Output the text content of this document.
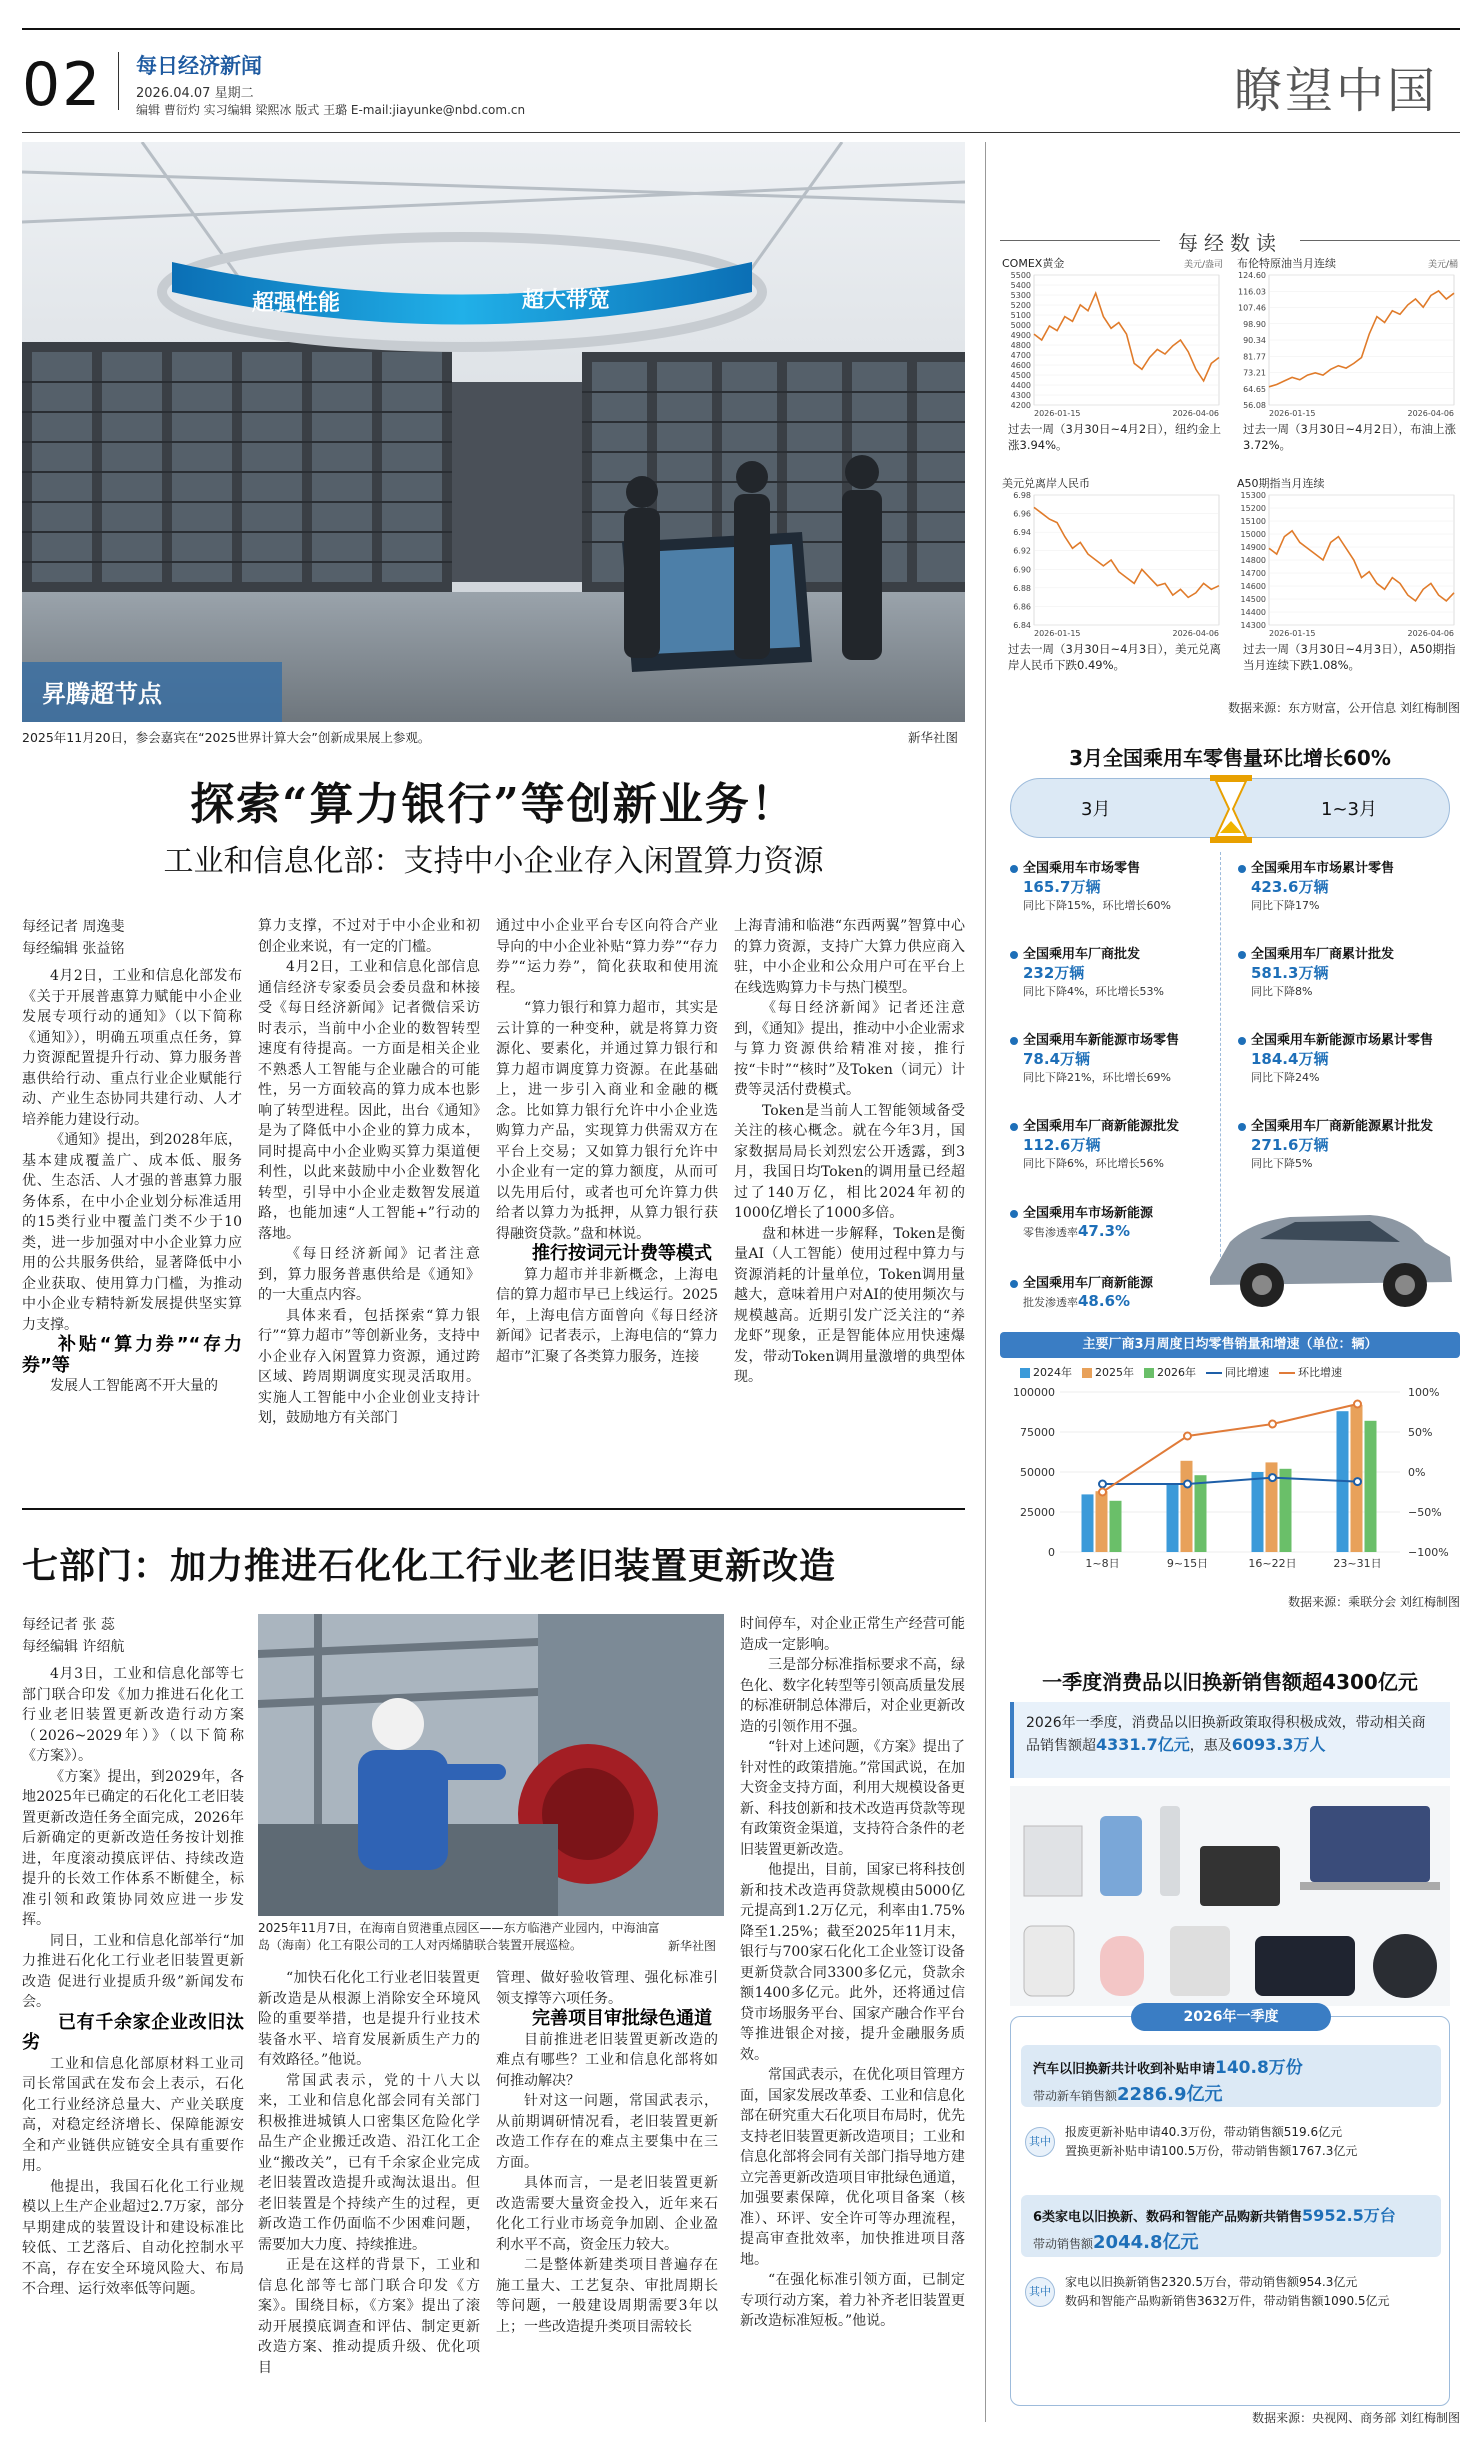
02 每日经济新闻
2026.04.07 星期二
编辑 曹衍灼 实习编辑 梁熙冰 版式 王璐 E-mail:jiayunke@nbd.com.cn	瞭望中国
超强性能	超大带宽
昇腾超节点
2025年11月20日，参会嘉宾在“2025世界计算大会”创新成果展上参观。	新华社图
探索“算力银行”等创新业务！
工业和信息化部：支持中小企业存入闲置算力资源
每经记者 周逸斐
每经编辑 张益铭

4月2日，工业和信息化部发布《关于开展普惠算力赋能中小企业发展专项行动的通知》（以下简称《通知》），明确五项重点任务，算力资源配置提升行动、算力服务普惠供给行动、重点行业企业赋能行动、产业生态协同共建行动、人才培养能力建设行动。

《通知》提出，到2028年底，基本建成覆盖广、成本低、服务优、生态活、人才强的普惠算力服务体系，在中小企业划分标准适用的15类行业中覆盖门类不少于10类，进一步加强对中小企业算力应用的公共服务供给，显著降低中小企业获取、使用算力门槛，为推动中小企业专精特新发展提供坚实算力支撑。

补贴“算力券”“存力券”等

发展人工智能离不开大量的

算力支撑，不过对于中小企业和初创企业来说，有一定的门槛。

4月2日，工业和信息化部信息通信经济专家委员会委员盘和林接受《每日经济新闻》记者微信采访时表示，当前中小企业的数智转型速度有待提高。一方面是相关企业不熟悉人工智能与企业融合的可能性，另一方面较高的算力成本也影响了转型进程。因此，出台《通知》是为了降低中小企业的算力成本，同时提高中小企业购买算力渠道便利性，以此来鼓励中小企业数智化转型，引导中小企业走数智发展道路，也能加速“人工智能+”行动的落地。

《每日经济新闻》记者注意到，算力服务普惠供给是《通知》的一大重点内容。

具体来看，包括探索“算力银行”“算力超市”等创新业务，支持中小企业存入闲置算力资源，通过跨区域、跨周期调度实现灵活取用。实施人工智能中小企业创业支持计划，鼓励地方有关部门

通过中小企业平台专区向符合产业导向的中小企业补贴“算力券”“存力券”“运力券”，简化获取和使用流程。

“算力银行和算力超市，其实是云计算的一种变种，就是将算力资源化、要素化，并通过算力银行和算力超市调度算力资源。在此基础上，进一步引入商业和金融的概念。比如算力银行允许中小企业选购算力产品，实现算力供需双方在平台上交易；又如算力银行允许中小企业有一定的算力额度，从而可以先用后付，或者也可允许算力供给者以算力为抵押，从算力银行获得融资贷款。”盘和林说。

推行按词元计费等模式

算力超市并非新概念，上海电信的算力超市早已上线运行。2025年，上海电信方面曾向《每日经济新闻》记者表示，上海电信的“算力超市”汇聚了各类算力服务，连接

上海青浦和临港“东西两翼”智算中心的算力资源，支持广大算力供应商入驻，中小企业和公众用户可在平台上在线选购算力卡与热门模型。

《每日经济新闻》记者还注意到，《通知》提出，推动中小企业需求与算力资源供给精准对接，推行按“卡时”“核时”及Token（词元）计费等灵活付费模式。

Token是当前人工智能领域备受关注的核心概念。就在今年3月，国家数据局局长刘烈宏公开透露，到3月，我国日均Token的调用量已经超过了140万亿，相比2024年初的1000亿增长了1000多倍。

盘和林进一步解释，Token是衡量AI（人工智能）使用过程中算力与资源消耗的计量单位，Token调用量越大，意味着用户对AI的使用频次与规模越高。近期引发广泛关注的“养龙虾”现象，正是智能体应用快速爆发，带动Token调用量激增的典型体现。

七部门：加力推进石化化工行业老旧装置更新改造
每经记者 张 蕊
每经编辑 许绍航

4月3日，工业和信息化部等七部门联合印发《加力推进石化化工行业老旧装置更新改造行动方案（2026~2029年）》（以下简称《方案》）。

《方案》提出，到2029年，各地2025年已确定的石化化工老旧装置更新改造任务全面完成，2026年后新确定的更新改造任务按计划推进，年度滚动摸底评估、持续改造提升的长效工作体系不断健全，标准引领和政策协同效应进一步发挥。

同日，工业和信息化部举行“加力推进石化化工行业老旧装置更新改造 促进行业提质升级”新闻发布会。

已有千余家企业改旧汰劣

工业和信息化部原材料工业司司长常国武在发布会上表示，石化化工行业经济总量大、产业关联度高，对稳定经济增长、保障能源安全和产业链供应链安全具有重要作用。

他提出，我国石化化工行业规模以上生产企业超过2.7万家，部分早期建成的装置设计和建设标准比较低、工艺落后、自动化控制水平不高，存在安全环境风险大、布局不合理、运行效率低等问题。

2025年11月7日，在海南自贸港重点园区——东方临港产业园内，中海油富岛（海南）化工有限公司的工人对丙烯腈联合装置开展巡检。	新华社图

“加快石化化工行业老旧装置更新改造是从根源上消除安全环境风险的重要举措，也是提升行业技术装备水平、培育发展新质生产力的有效路径。”他说。

常国武表示，党的十八大以来，工业和信息化部会同有关部门积极推进城镇人口密集区危险化学品生产企业搬迁改造、沿江化工企业“搬改关”，已有千余家企业完成老旧装置改造提升或淘汰退出。但老旧装置是个持续产生的过程，更新改造工作仍面临不少困难问题，需要加大力度、持续推进。

正是在这样的背景下，工业和信息化部等七部门联合印发《方案》。围绕目标，《方案》提出了滚动开展摸底调查和评估、制定更新改造方案、推动提质升级、优化项目

管理、做好验收管理、强化标准引领支撑等六项任务。

完善项目审批绿色通道

目前推进老旧装置更新改造的难点有哪些？工业和信息化部将如何推动解决？

针对这一问题，常国武表示，从前期调研情况看，老旧装置更新改造工作存在的难点主要集中在三方面。

具体而言，一是老旧装置更新改造需要大量资金投入，近年来石化化工行业市场竞争加剧、企业盈利水平不高，资金压力较大。

二是整体新建类项目普遍存在施工量大、工艺复杂、审批周期长等问题，一般建设周期需要3年以上；一些改造提升类项目需较长

时间停车，对企业正常生产经营可能造成一定影响。

三是部分标准指标要求不高，绿色化、数字化转型等引领高质量发展的标准研制总体滞后，对企业更新改造的引领作用不强。

“针对上述问题，《方案》提出了针对性的政策措施。”常国武说，在加大资金支持方面，利用大规模设备更新、科技创新和技术改造再贷款等现有政策资金渠道，支持符合条件的老旧装置更新改造。

他提出，目前，国家已将科技创新和技术改造再贷款规模由5000亿元提高到1.2万亿元，利率由1.75%降至1.25%；截至2025年11月末，银行与700家石化化工企业签订设备更新贷款合同3300多亿元，贷款余额1400多亿元。此外，还将通过信贷市场服务平台、国家产融合作平台等推进银企对接，提升金融服务质效。

常国武表示，在优化项目管理方面，国家发展改革委、工业和信息化部在研究重大石化项目布局时，优先支持老旧装置更新改造项目；工业和信息化部将会同有关部门指导地方建立完善更新改造项目审批绿色通道，加强要素保障，优化项目备案（核准）、环评、安全许可等办理流程，提高审查批效率，加快推进项目落地。

“在强化标准引领方面，已制定专项行动方案，着力补齐老旧装置更新改造标准短板。”他说。

每经数读
COMEX黄金	美元/盎司
5500
5400
5300
5200
5100
5000
4900
4800
4700
4600
4500
4400
4300
4200
2026-01-15	2026-04-06
过去一周（3月30日~4月2日），纽约金上涨3.94%。
布伦特原油当月连续	美元/桶
124.60
116.03
107.46
98.90
90.34
81.77
73.21
64.65
56.08
2026-01-15	2026-04-06
过去一周（3月30日~4月2日），布油上涨3.72%。
美元兑离岸人民币
6.98
6.96
6.94
6.92
6.90
6.88
6.86
6.84
2026-01-15	2026-04-06
过去一周（3月30日~4月3日），美元兑离岸人民币下跌0.49%。
A50期指当月连续
15300
15200
15100
15000
14900
14800
14700
14600
14500
14400
14300
2026-01-15	2026-04-06
过去一周（3月30日~4月3日），A50期指当月连续下跌1.08%。
数据来源：东方财富，公开信息 刘红梅制图
3月全国乘用车零售量环比增长60%
3月	1~3月
全国乘用车市场零售
165.7万辆
同比下降15%，环比增长60%
全国乘用车厂商批发
232万辆
同比下降4%，环比增长53%
全国乘用车新能源市场零售
78.4万辆
同比下降21%，环比增长69%
全国乘用车厂商新能源批发
112.6万辆
同比下降6%，环比增长56%
全国乘用车市场新能源
零售渗透率47.3%
全国乘用车厂商新能源
批发渗透率48.6%
全国乘用车市场累计零售
423.6万辆
同比下降17%
全国乘用车厂商累计批发
581.3万辆
同比下降8%
全国乘用车新能源市场累计零售
184.4万辆
同比下降24%
全国乘用车厂商新能源累计批发
271.6万辆
同比下降5%
主要厂商3月周度日均零售销量和增速（单位：辆）
2024年 2025年 2026年	同比增速	环比增速
100000
75000
50000
25000
0
100%
50%
0%
−50%
−100%
1~8日	9~15日	16~22日	23~31日
数据来源：乘联分会 刘红梅制图
一季度消费品以旧换新销售额超4300亿元
2026年一季度，消费品以旧换新政策取得积极成效，带动相关商品销售额超4331.7亿元，惠及6093.3万人
2026年一季度
汽车以旧换新共计收到补贴申请140.8万份
带动新车销售额2286.9亿元
其中
报废更新补贴申请40.3万份，带动销售额519.6亿元
置换更新补贴申请100.5万份，带动销售额1767.3亿元
6类家电以旧换新、数码和智能产品购新共销售5952.5万台
带动销售额2044.8亿元
其中
家电以旧换新销售2320.5万台，带动销售额954.3亿元
数码和智能产品购新销售3632万件，带动销售额1090.5亿元
数据来源：央视网、商务部 刘红梅制图
